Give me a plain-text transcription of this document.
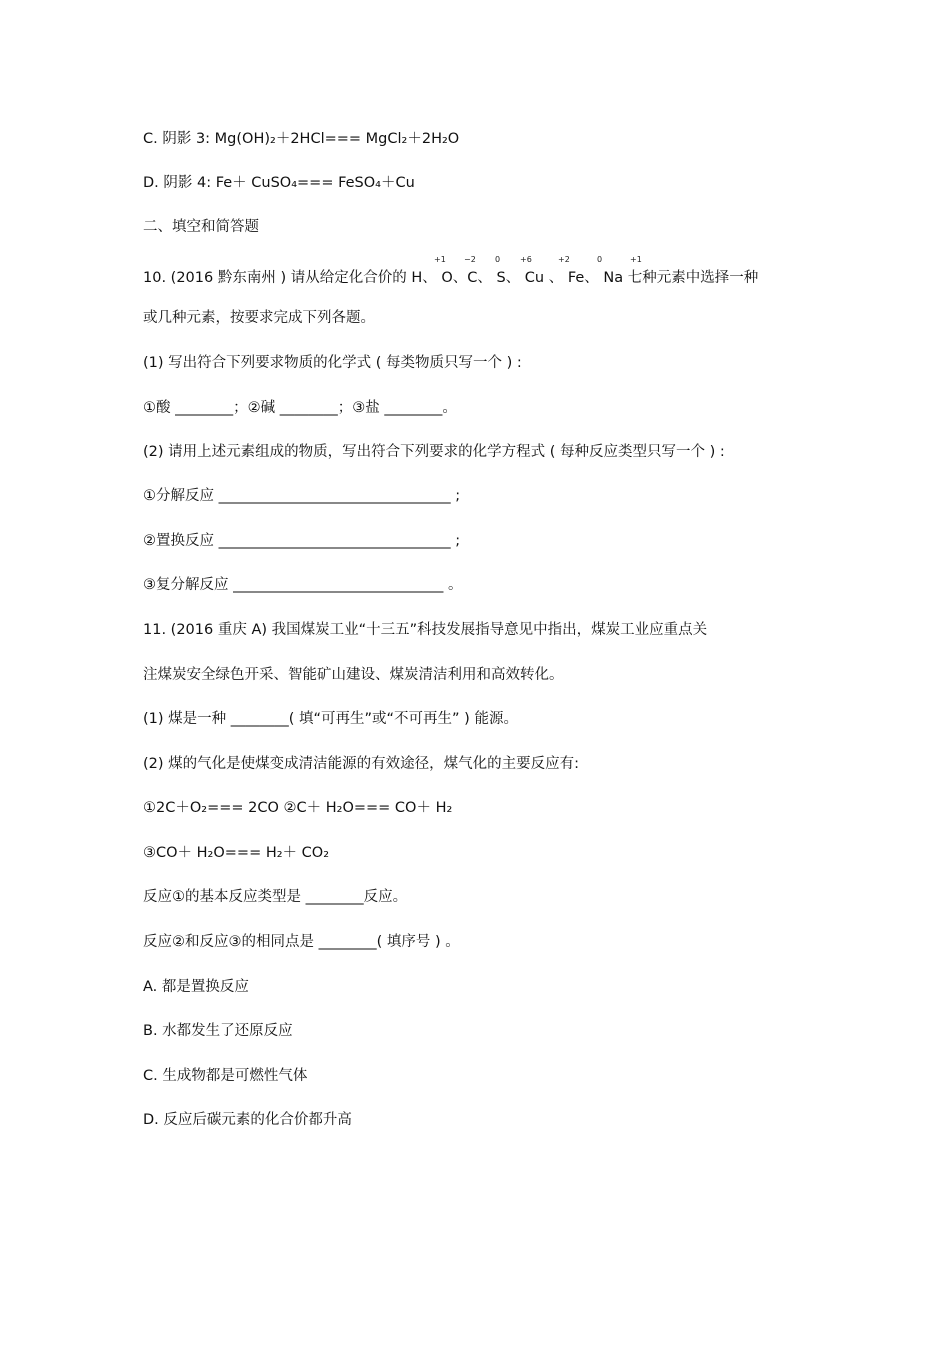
C. 阴影 3: Mg(OH)₂＋2HCl=== MgCl₂＋2H₂O
D. 阴影 4: Fe＋ CuSO₄=== FeSO₄＋Cu
二、填空和简答题
+1 −2 0 +6	+2	0	+1
10. (2016 黔东南州 ) 请从给定化合价的 H、 O、C、 S、 Cu 、 Fe、 Na 七种元素中选择一种
或几种元素，按要求完成下列各题。
(1) 写出符合下列要求物质的化学式 ( 每类物质只写一个 ) :
①酸 ________；②碱 ________；③盐 ________。
(2) 请用上述元素组成的物质，写出符合下列要求的化学方程式 ( 每种反应类型只写一个 ) :
①分解反应 ________________________________ ;
②置换反应 ________________________________ ;
③复分解反应 _____________________________ 。
11. (2016 重庆 A) 我国煤炭工业“十三五”科技发展指导意见中指出，煤炭工业应重点关
注煤炭安全绿色开采、智能矿山建设、煤炭清洁利用和高效转化。
(1) 煤是一种 ________( 填“可再生”或“不可再生” ) 能源。
(2) 煤的气化是使煤变成清洁能源的有效途径，煤气化的主要反应有:
①2C＋O₂=== 2CO ②C＋ H₂O=== CO＋ H₂
③CO＋ H₂O=== H₂＋ CO₂
反应①的基本反应类型是 ________反应。
反应②和反应③的相同点是 ________( 填序号 ) 。
A. 都是置换反应
B. 水都发生了还原反应
C. 生成物都是可燃性气体
D. 反应后碳元素的化合价都升高
